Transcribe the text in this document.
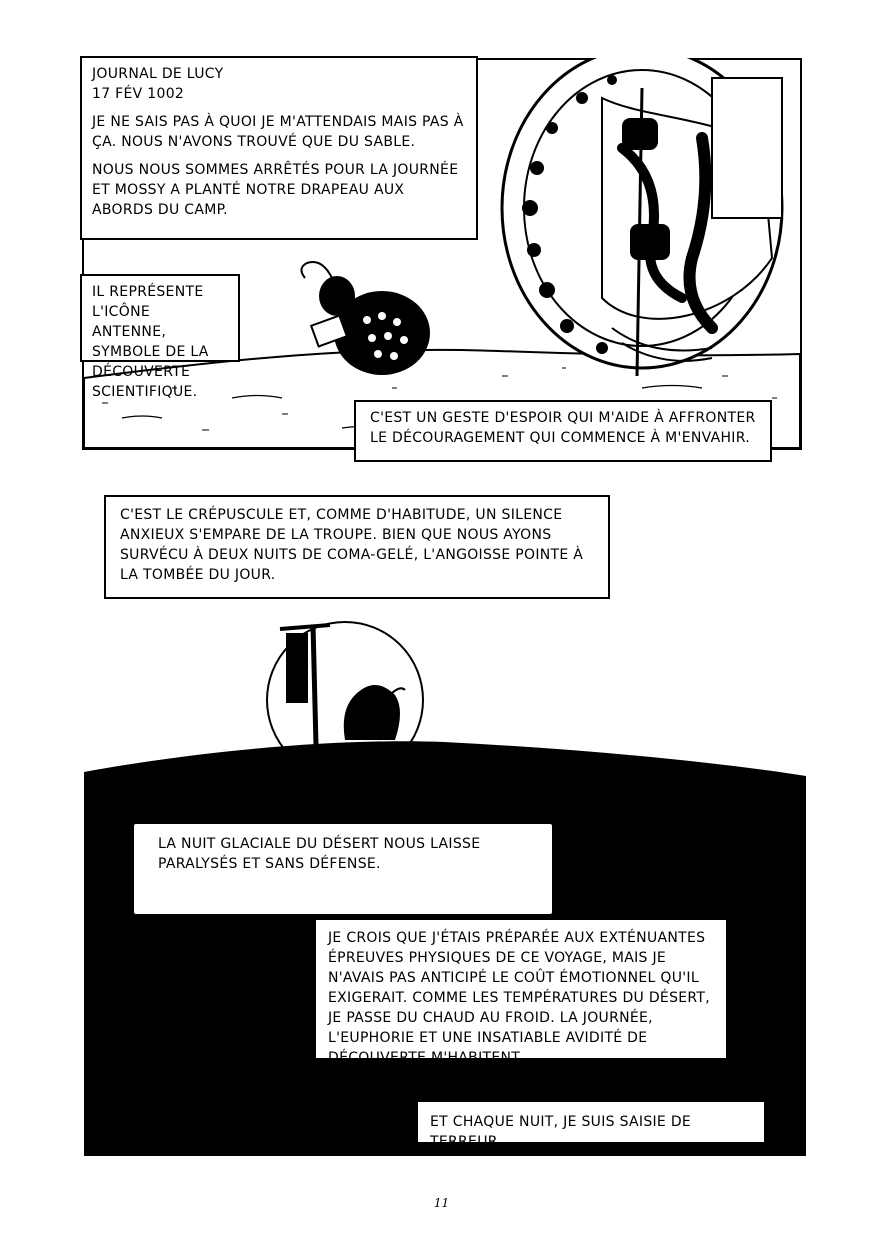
JOURNAL DE LUCY
17 FÉV 1002

JE NE SAIS PAS À QUOI JE M'ATTENDAIS MAIS PAS À ÇA. NOUS N'AVONS TROUVÉ QUE DU SABLE.

NOUS NOUS SOMMES ARRÊTÉS POUR LA JOURNÉE ET MOSSY A PLANTÉ NOTRE DRAPEAU AUX ABORDS DU CAMP.

IL REPRÉSENTE L'ICÔNE ANTENNE, SYMBOLE DE LA DÉCOUVERTE SCIENTIFIQUE.
C'EST UN GESTE D'ESPOIR QUI M'AIDE À AFFRONTER LE DÉCOURAGEMENT QUI COMMENCE À M'ENVAHIR.
C'EST LE CRÉPUSCULE ET, COMME D'HABITUDE, UN SILENCE ANXIEUX S'EMPARE DE LA TROUPE. BIEN QUE NOUS AYONS SURVÉCU À DEUX NUITS DE COMA-GELÉ, L'ANGOISSE POINTE À LA TOMBÉE DU JOUR.
LA NUIT GLACIALE DU DÉSERT NOUS LAISSE PARALYSÉS ET SANS DÉFENSE.
JE CROIS QUE J'ÉTAIS PRÉPARÉE AUX EXTÉNUANTES ÉPREUVES PHYSIQUES DE CE VOYAGE, MAIS JE N'AVAIS PAS ANTICIPÉ LE COÛT ÉMOTIONNEL QU'IL EXIGERAIT. COMME LES TEMPÉRATURES DU DÉSERT, JE PASSE DU CHAUD AU FROID. LA JOURNÉE, L'EUPHORIE ET UNE INSATIABLE AVIDITÉ DE DÉCOUVERTE M'HABITENT...
ET CHAQUE NUIT, JE SUIS SAISIE DE TERREUR...
11
